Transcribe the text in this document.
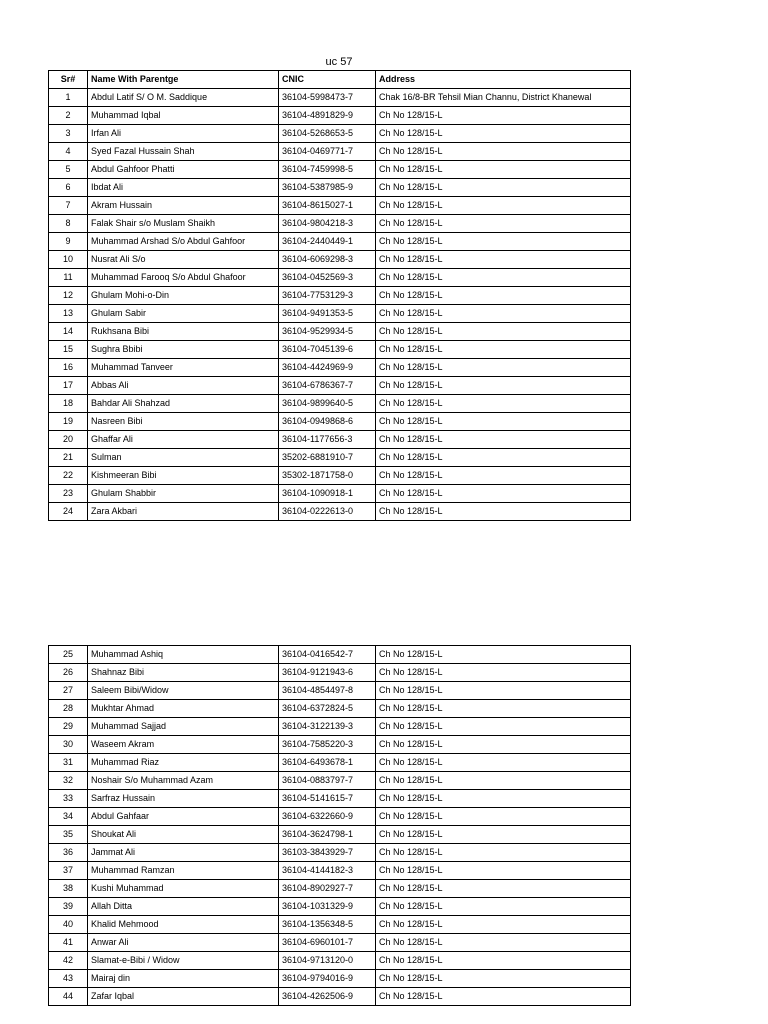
uc 57
Sr#	Name With Parentge	CNIC	Address
1	Abdul Latif S/ O M. Saddique	36104-5998473-7	Chak 16/8-BR Tehsil Mian Channu, District Khanewal
2	Muhammad Iqbal	36104-4891829-9	Ch No 128/15-L
3	Irfan Ali	36104-5268653-5	Ch No 128/15-L
4	Syed Fazal Hussain Shah	36104-0469771-7	Ch No 128/15-L
5	Abdul Gahfoor Phatti	36104-7459998-5	Ch No 128/15-L
6	Ibdat Ali	36104-5387985-9	Ch No 128/15-L
7	Akram Hussain	36104-8615027-1	Ch No 128/15-L
8	Falak Shair s/o Muslam Shaikh	36104-9804218-3	Ch No 128/15-L
9	Muhammad Arshad S/o Abdul Gahfoor	36104-2440449-1	Ch No 128/15-L
10	Nusrat Ali S/o	36104-6069298-3	Ch No 128/15-L
11	Muhammad Farooq S/o Abdul Ghafoor	36104-0452569-3	Ch No 128/15-L
12	Ghulam Mohi-o-Din	36104-7753129-3	Ch No 128/15-L
13	Ghulam Sabir	36104-9491353-5	Ch No 128/15-L
14	Rukhsana Bibi	36104-9529934-5	Ch No 128/15-L
15	Sughra Bbibi	36104-7045139-6	Ch No 128/15-L
16	Muhammad Tanveer	36104-4424969-9	Ch No 128/15-L
17	Abbas Ali	36104-6786367-7	Ch No 128/15-L
18	Bahdar Ali Shahzad	36104-9899640-5	Ch No 128/15-L
19	Nasreen Bibi	36104-0949868-6	Ch No 128/15-L
20	Ghaffar Ali	36104-1177656-3	Ch No 128/15-L
21	Sulman	35202-6881910-7	Ch No 128/15-L
22	Kishmeeran Bibi	35302-1871758-0	Ch No 128/15-L
23	Ghulam Shabbir	36104-1090918-1	Ch No 128/15-L
24	Zara Akbari	36104-0222613-0	Ch No 128/15-L
25	Muhammad Ashiq	36104-0416542-7	Ch No 128/15-L
26	Shahnaz Bibi	36104-9121943-6	Ch No 128/15-L
27	Saleem Bibi/Widow	36104-4854497-8	Ch No 128/15-L
28	Mukhtar Ahmad	36104-6372824-5	Ch No 128/15-L
29	Muhammad Sajjad	36104-3122139-3	Ch No 128/15-L
30	Waseem Akram	36104-7585220-3	Ch No 128/15-L
31	Muhammad Riaz	36104-6493678-1	Ch No 128/15-L
32	Noshair S/o Muhammad Azam	36104-0883797-7	Ch No 128/15-L
33	Sarfraz Hussain	36104-5141615-7	Ch No 128/15-L
34	Abdul Gahfaar	36104-6322660-9	Ch No 128/15-L
35	Shoukat Ali	36104-3624798-1	Ch No 128/15-L
36	Jammat Ali	36103-3843929-7	Ch No 128/15-L
37	Muhammad Ramzan	36104-4144182-3	Ch No 128/15-L
38	Kushi Muhammad	36104-8902927-7	Ch No 128/15-L
39	Allah Ditta	36104-1031329-9	Ch No 128/15-L
40	Khalid Mehmood	36104-1356348-5	Ch No 128/15-L
41	Anwar Ali	36104-6960101-7	Ch No 128/15-L
42	Slamat-e-Bibi / Widow	36104-9713120-0	Ch No 128/15-L
43	Mairaj din	36104-9794016-9	Ch No 128/15-L
44	Zafar Iqbal	36104-4262506-9	Ch No 128/15-L
